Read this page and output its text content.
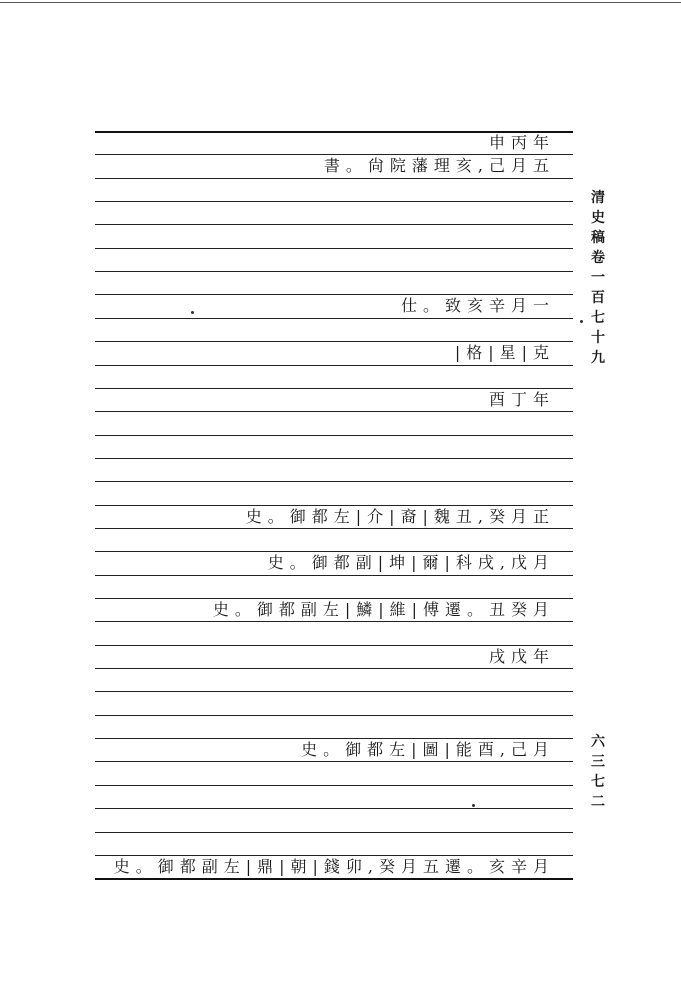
申丙年
書。尙院藩理亥,己月五
仕。致亥辛月一
|格|星|克
酉丁年
史。御都左|介|裔|魏丑,癸月正
史。御都副|坤|爾|科戌,戊月
史。御都副左|鱗|維|傅遷。丑癸月
戌戊年
史。御都左|圖|能酉,己月
史。御都副左|鼎|朝|錢卯,癸月五遷。亥辛月
清
史
稿
卷
一
百
七
十
九
六
三
七
二
